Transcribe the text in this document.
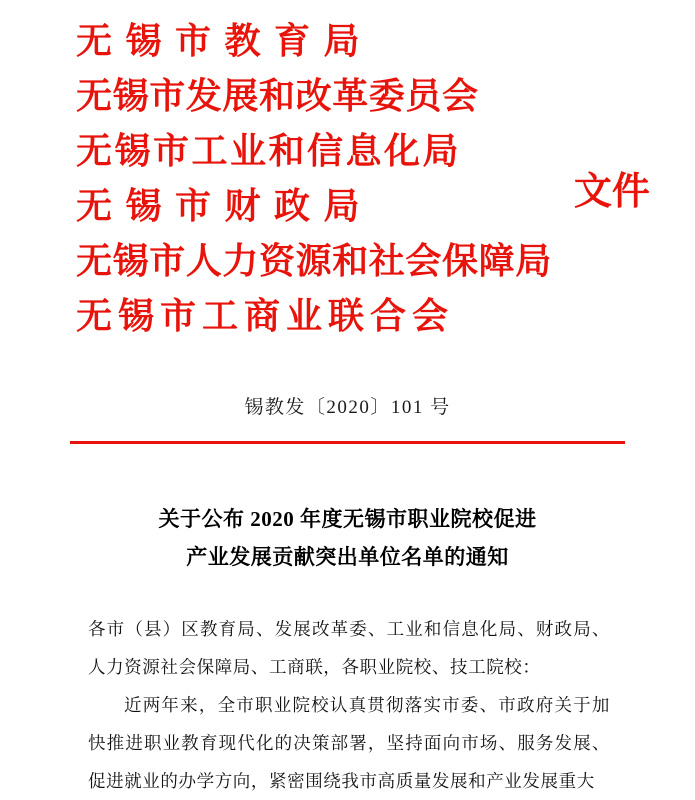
无锡市教育局
无锡市发展和改革委员会
无锡市工业和信息化局
无锡市财政局
无锡市人力资源和社会保障局
无锡市工商业联合会
文件
锡教发〔2020〕101 号
关于公布 2020 年度无锡市职业院校促进
产业发展贡献突出单位名单的通知

各市（县）区教育局、发展改革委、工业和信息化局、财政局、人力资源社会保障局、工商联，各职业院校、技工院校：

近两年来，全市职业院校认真贯彻落实市委、市政府关于加快推进职业教育现代化的决策部署，坚持面向市场、服务发展、促进就业的办学方向，紧密围绕我市高质量发展和产业发展重大
